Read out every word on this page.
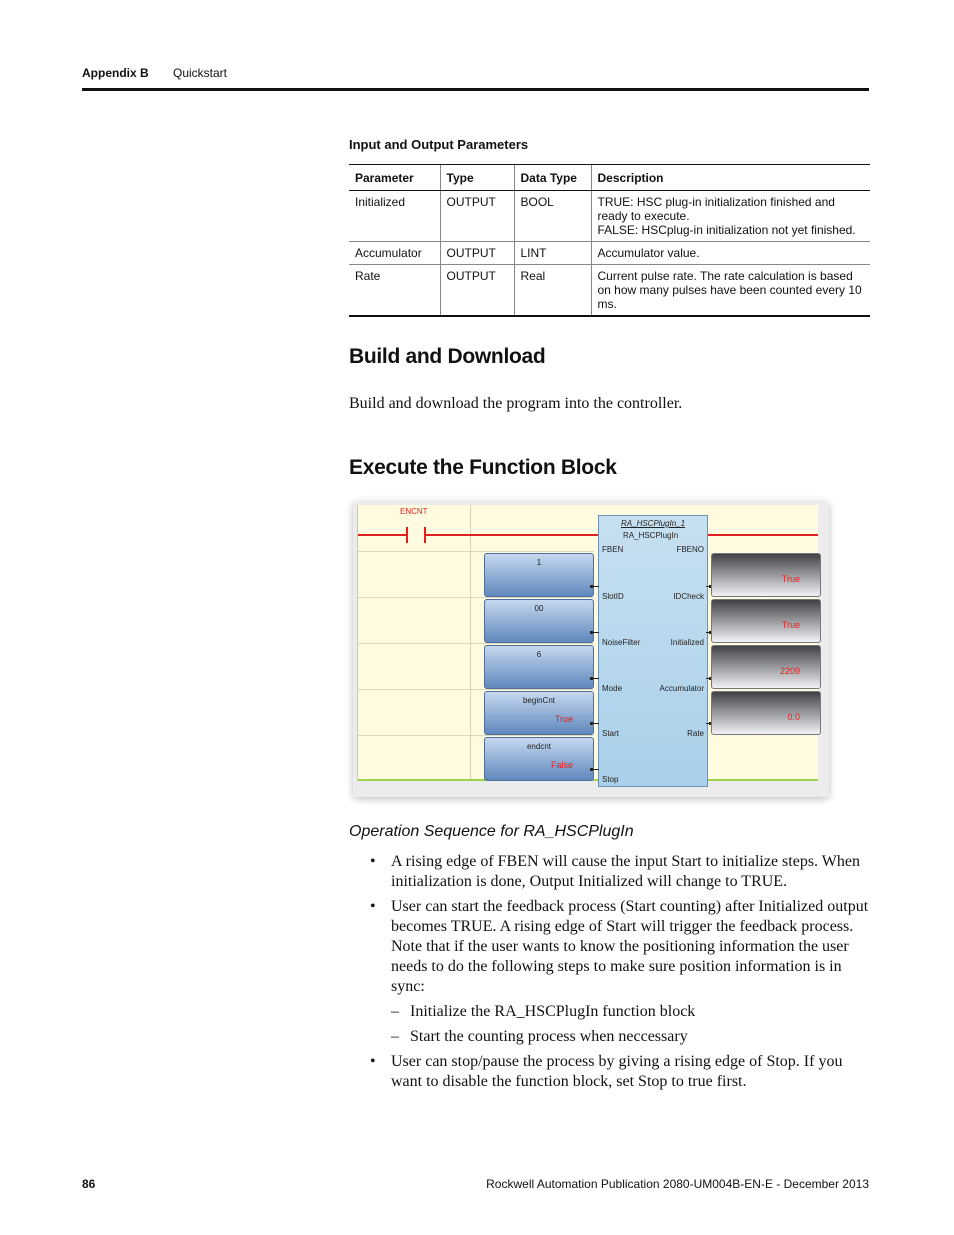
Appendix B Quickstart
Input and Output Parameters
Parameter	Type	Data Type	Description
Initialized	OUTPUT	BOOL	TRUE: HSC plug-in initialization finished and ready to execute.
FALSE: HSCplug-in initialization not yet finished.

Accumulator	OUTPUT	LINT	Accumulator value.
Rate	OUTPUT	Real	Current pulse rate. The rate calculation is based on how many pulses have been counted every 10 ms.
Build and Download
Build and download the program into the controller.
Execute the Function Block
ENCNT
1
00
6
beginCnt
True
endcnt
False
RA_HSCPlugIn_1
RA_HSCPlugIn
FBEN	FBENO
SlotID
NoiseFilter
Mode
Start
Stop
IDCheck
Initialized
Accumulator
Rate
True
True
2209
0.0
Operation Sequence for RA_HSCPlugIn
• A rising edge of FBEN will cause the input Start to initialize steps. When initialization is done, Output Initialized will change to TRUE.
• User can start the feedback process (Start counting) after Initialized output becomes TRUE. A rising edge of Start will trigger the feedback process. Note that if the user wants to know the positioning information the user needs to do the following steps to make sure position information is in sync:
– Initialize the RA_HSCPlugIn function block
– Start the counting process when neccessary
• User can stop/pause the process by giving a rising edge of Stop. If you want to disable the function block, set Stop to true first.
86	Rockwell Automation Publication 2080-UM004B-EN-E - December 2013
